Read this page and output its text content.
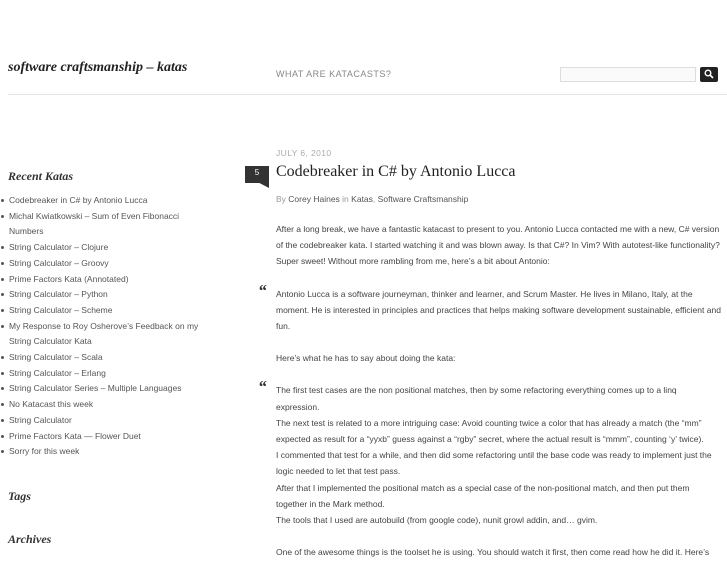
software craftsmanship – katas	WHAT ARE KATACASTS?
Recent Katas
Codebreaker in C# by Antonio Lucca
Michal Kwiatkowski – Sum of Even Fibonacci Numbers
String Calculator – Clojure
String Calculator – Groovy
Prime Factors Kata (Annotated)
String Calculator – Python
String Calculator – Scheme
My Response to Roy Osherove’s Feedback on my String Calculator Kata
String Calculator – Scala
String Calculator – Erlang
String Calculator Series – Multiple Languages
No Katacast this week
String Calculator
Prime Factors Kata — Flower Duet
Sorry for this week
Tags
Archives
JULY 6, 2010
5	Codebreaker in C# by Antonio Lucca
By Corey Haines in Katas, Software Craftsmanship

After a long break, we have a fantastic katacast to present to you. Antonio Lucca contacted me with a new, C# version of the codebreaker kata. I started watching it and was blown away. Is that C#? In Vim? With autotest-like functionality? Super sweet! Without more rambling from me, here’s a bit about Antonio:

“ Antonio Lucca is a software journeyman, thinker and learner, and Scrum Master. He lives in Milano, Italy, at the moment. He is interested in principles and practices that helps making software development sustainable, efficient and fun.

Here’s what he has to say about doing the kata:

“ The first test cases are the non positional matches, then by some refactoring everything comes up to a linq expression.

The next test is related to a more intriguing case: Avoid counting twice a color that has already a match (the “mm” expected as result for a “yyxb” guess against a “rgby” secret, where the actual result is “mmm”, counting ‘y’ twice).

I commented that test for a while, and then did some refactoring until the base code was ready to implement just the logic needed to let that test pass.

After that I implemented the positional match as a special case of the non-positional match, and then put them together in the Mark method.

The tools that I used are autobuild (from google code), nunit growl addin, and… gvim.

One of the awesome things is the toolset he is using. You should watch it first, then come read how he did it. Here’s
